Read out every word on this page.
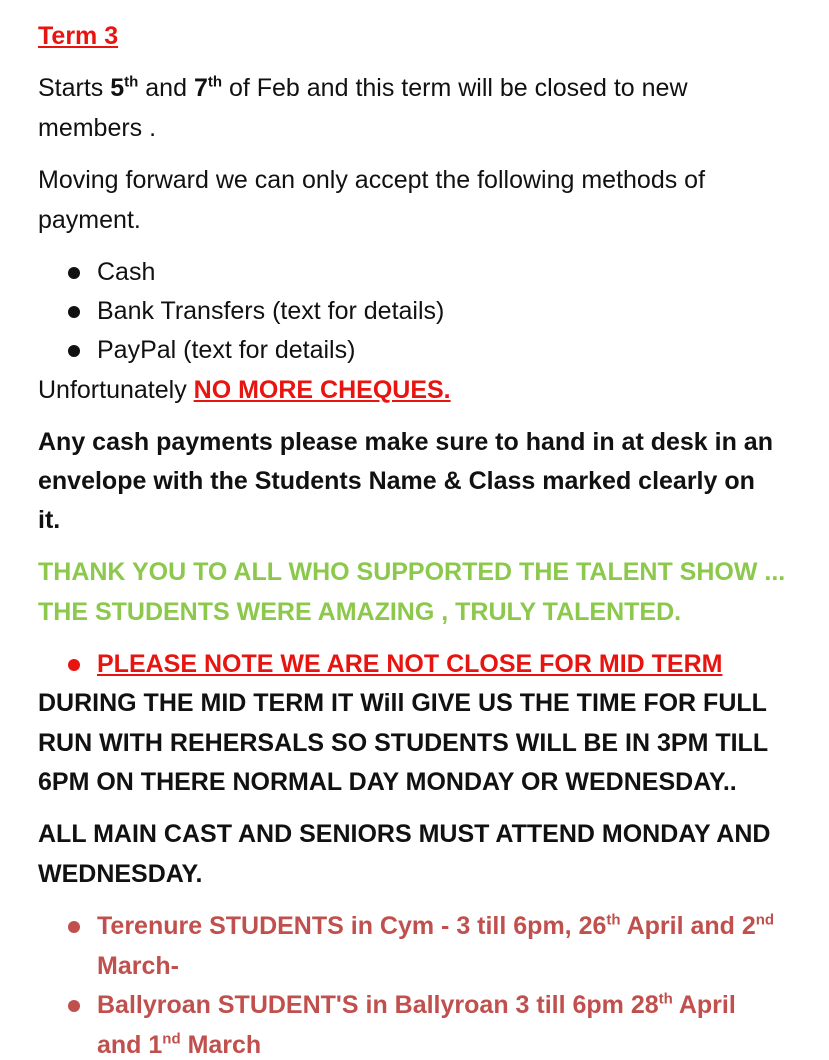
Term 3
Starts 5th and 7th of Feb and this term will be closed to new
members .
Moving forward we can only accept the following methods of
payment.
Cash
Bank Transfers (text for details)
PayPal (text for details)
Unfortunately NO MORE CHEQUES.
Any cash payments please make sure to hand in at desk in an
envelope with the Students Name & Class marked clearly on
it.
THANK YOU TO ALL WHO SUPPORTED THE TALENT SHOW ...
THE STUDENTS WERE AMAZING , TRULY TALENTED.
PLEASE NOTE WE ARE NOT CLOSE FOR MID TERM
DURING THE MID TERM IT Will GIVE US THE TIME FOR FULL
RUN WITH REHERSALS SO STUDENTS WILL BE IN 3PM TILL
6PM ON THERE NORMAL DAY MONDAY OR WEDNESDAY..
ALL MAIN CAST AND SENIORS MUST ATTEND MONDAY AND
WEDNESDAY.
Terenure STUDENTS in Cym - 3 till 6pm, 26th April and 2nd
March-
Ballyroan STUDENT'S in Ballyroan 3 till 6pm 28th April
and 1nd March
